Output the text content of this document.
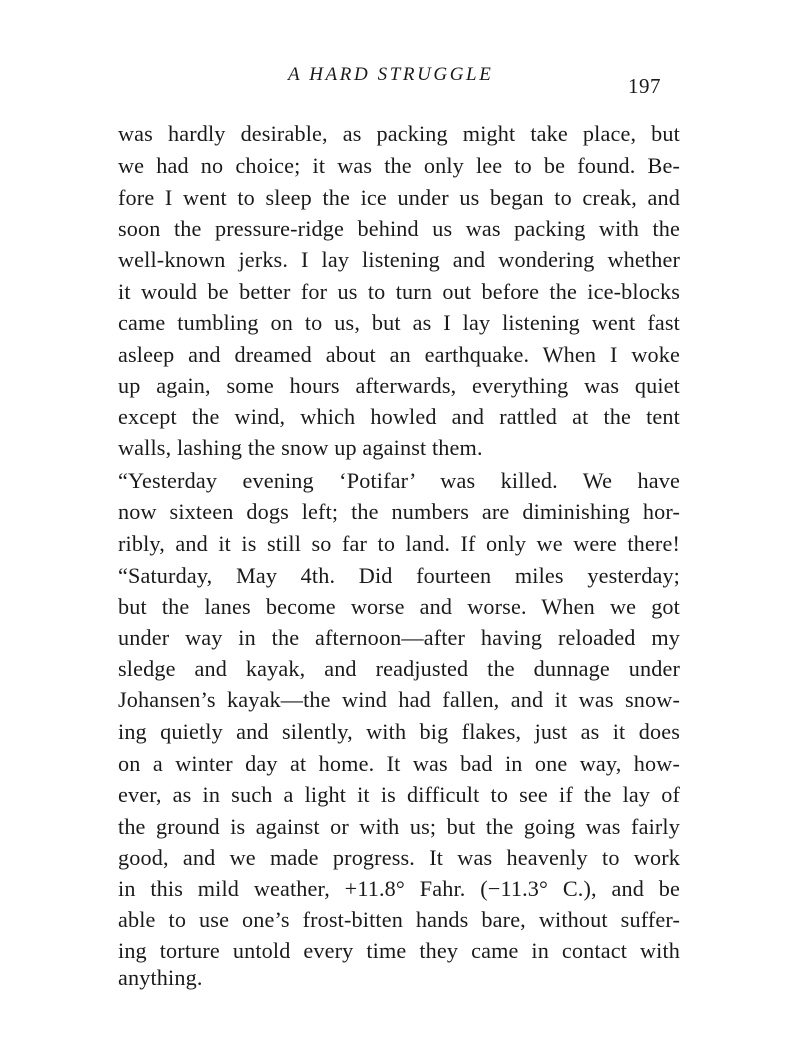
A HARD STRUGGLE	197
was hardly desirable, as packing might take place, but
we had no choice; it was the only lee to be found. Be-
fore I went to sleep the ice under us began to creak, and
soon the pressure-ridge behind us was packing with the
well-known jerks. I lay listening and wondering whether
it would be better for us to turn out before the ice-blocks
came tumbling on to us, but as I lay listening went fast
asleep and dreamed about an earthquake. When I woke
up again, some hours afterwards, everything was quiet
except the wind, which howled and rattled at the tent
walls, lashing the snow up against them.
“Yesterday evening ‘Potifar’ was killed. We have
now sixteen dogs left; the numbers are diminishing hor-
ribly, and it is still so far to land. If only we were there!
“Saturday, May 4th. Did fourteen miles yesterday;
but the lanes become worse and worse. When we got
under way in the afternoon—after having reloaded my
sledge and kayak, and readjusted the dunnage under
Johansen’s kayak—the wind had fallen, and it was snow-
ing quietly and silently, with big flakes, just as it does
on a winter day at home. It was bad in one way, how-
ever, as in such a light it is difficult to see if the lay of
the ground is against or with us; but the going was fairly
good, and we made progress. It was heavenly to work
in this mild weather, +11.8° Fahr. (−11.3° C.), and be
able to use one’s frost-bitten hands bare, without suffer-
ing torture untold every time they came in contact with
anything.
